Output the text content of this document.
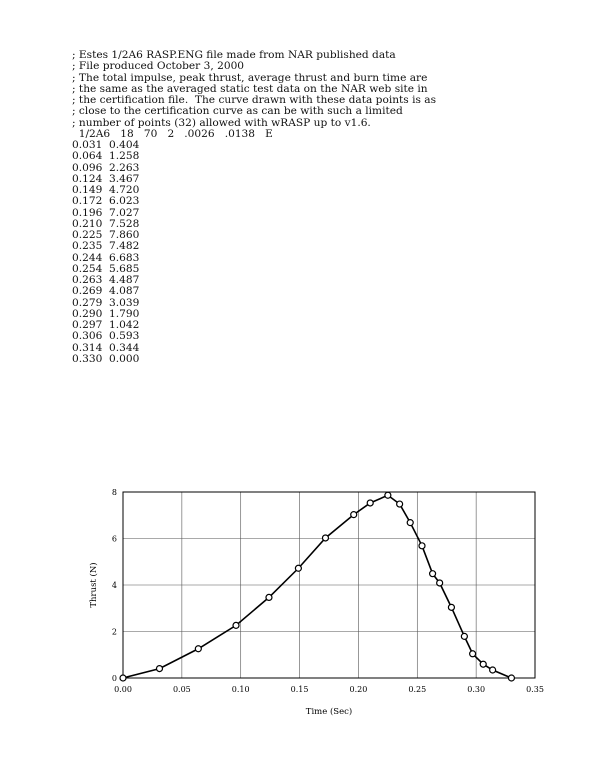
; Estes 1/2A6 RASP.ENG file made from NAR published data
; File produced October 3, 2000
; The total impulse, peak thrust, average thrust and burn time are
; the same as the averaged static test data on the NAR web site in
; the certification file.  The curve drawn with these data points is as
; close to the certification curve as can be with such a limited
; number of points (32) allowed with wRASP up to v1.6.
1/2A6   18   70   2   .0026   .0138   E
0.031 0.404
0.064 1.258
0.096 2.263
0.124 3.467
0.149 4.720
0.172 6.023
0.196 7.027
0.210 7.528
0.225 7.860
0.235 7.482
0.244 6.683
0.254 5.685
0.263 4.487
0.269 4.087
0.279 3.039
0.290 1.790
0.297 1.042
0.306 0.593
0.314 0.344
0.330 0.000
0.00	0.05	0.10	0.15	0.20	0.25	0.30	0.35
0
2
4
6
8
Time (Sec)
Thrust (N)
